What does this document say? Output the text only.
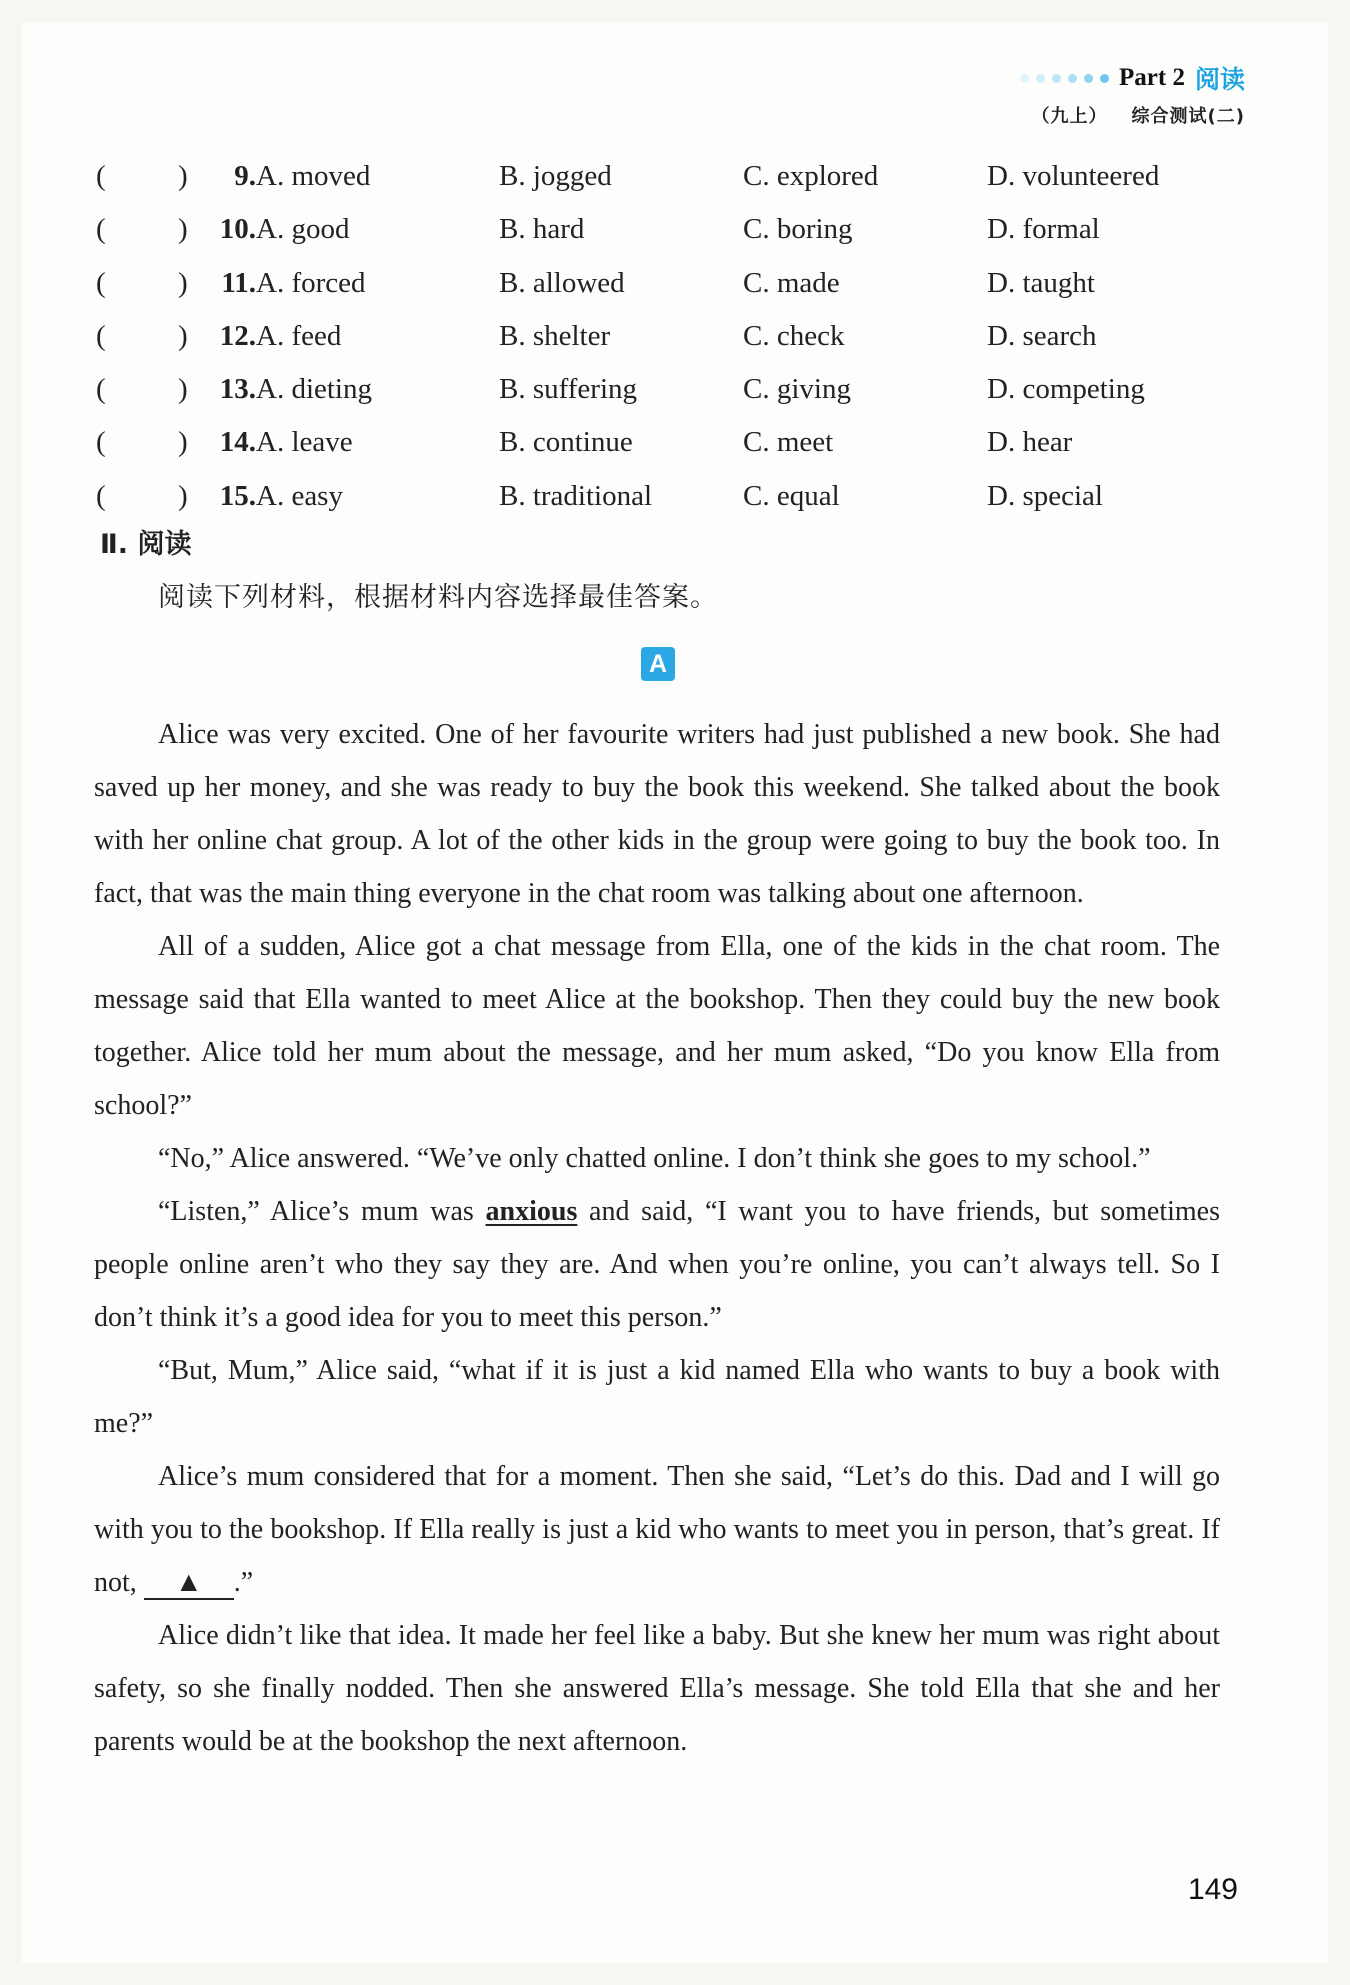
Part 2 阅读
（九上） 综合测试(二)
( )	9. A. moved	B. jogged	C. explored	D. volunteered
( )	10. A. good	B. hard	C. boring	D. formal
( )	11. A. forced	B. allowed	C. made	D. taught
( )	12. A. feed	B. shelter	C. check	D. search
( )	13. A. dieting	B. suffering	C. giving	D. competing
( )	14. A. leave	B. continue	C. meet	D. hear
( )	15. A. easy	B. traditional	C. equal	D. special
Ⅱ. 阅读
阅读下列材料，根据材料内容选择最佳答案。
A

Alice was very excited. One of her favourite writers had just published a new book. She had saved up her money, and she was ready to buy the book this weekend. She talked about the book with her online chat group. A lot of the other kids in the group were going to buy the book too. In fact, that was the main thing everyone in the chat room was talking about one afternoon.

All of a sudden, Alice got a chat message from Ella, one of the kids in the chat room. The message said that Ella wanted to meet Alice at the bookshop. Then they could buy the new book together. Alice told her mum about the message, and her mum asked, “Do you know Ella from school?”

“No,” Alice answered. “We’ve only chatted online. I don’t think she goes to my school.”

“Listen,” Alice’s mum was anxious and said, “I want you to have friends, but sometimes people online aren’t who they say they are. And when you’re online, you can’t always tell. So I don’t think it’s a good idea for you to meet this person.”

“But, Mum,” Alice said, “what if it is just a kid named Ella who wants to buy a book with me?”

Alice’s mum considered that for a moment. Then she said, “Let’s do this. Dad and I will go with you to the bookshop. If Ella really is just a kid who wants to meet you in person, that’s great. If not, ▲ .”

Alice didn’t like that idea. It made her feel like a baby. But she knew her mum was right about safety, so she finally nodded. Then she answered Ella’s message. She told Ella that she and her parents would be at the bookshop the next afternoon.

149
